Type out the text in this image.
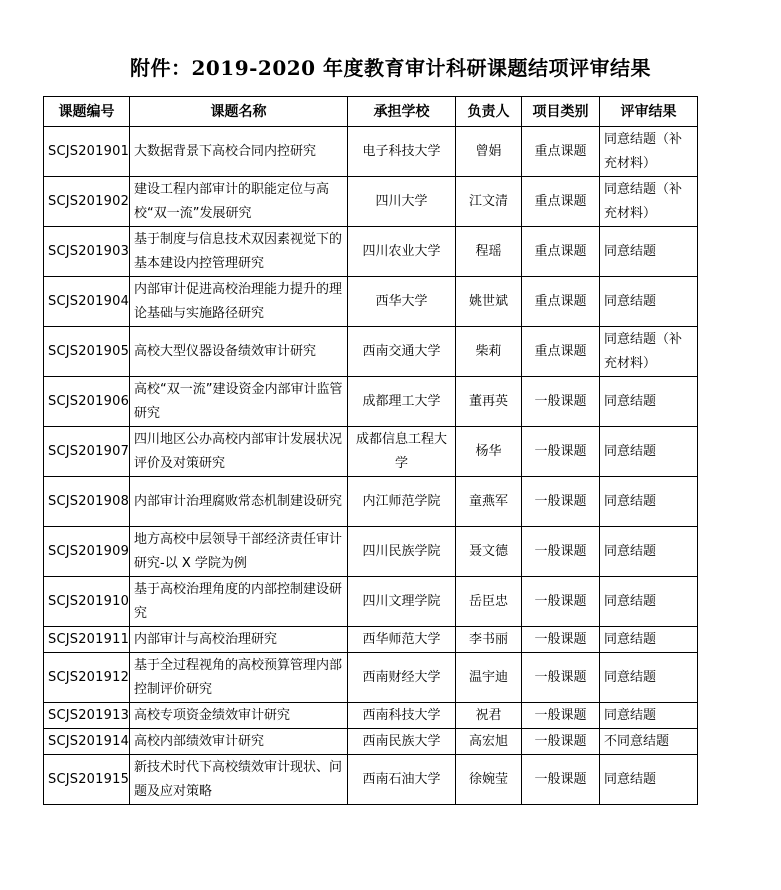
附件：2019-2020 年度教育审计科研课题结项评审结果
课题编号	课题名称	承担学校	负责人	项目类别	评审结果
SCJS201901	大数据背景下高校合同内控研究	电子科技大学	曾娟	重点课题	同意结题（补充材料）
SCJS201902	建设工程内部审计的职能定位与高校“双一流”发展研究	四川大学	江文清	重点课题	同意结题（补充材料）
SCJS201903	基于制度与信息技术双因素视觉下的基本建设内控管理研究	四川农业大学	程瑶	重点课题	同意结题
SCJS201904	内部审计促进高校治理能力提升的理论基础与实施路径研究	西华大学	姚世斌	重点课题	同意结题
SCJS201905	高校大型仪器设备绩效审计研究	西南交通大学	柴莉	重点课题	同意结题（补充材料）
SCJS201906	高校“双一流”建设资金内部审计监管研究	成都理工大学	董再英	一般课题	同意结题
SCJS201907	四川地区公办高校内部审计发展状况评价及对策研究	成都信息工程大学	杨华	一般课题	同意结题
SCJS201908	内部审计治理腐败常态机制建设研究	内江师范学院	童燕军	一般课题	同意结题
SCJS201909	地方高校中层领导干部经济责任审计研究-以 X 学院为例	四川民族学院	聂文德	一般课题	同意结题
SCJS201910	基于高校治理角度的内部控制建设研究	四川文理学院	岳臣忠	一般课题	同意结题
SCJS201911	内部审计与高校治理研究	西华师范大学	李书丽	一般课题	同意结题
SCJS201912	基于全过程视角的高校预算管理内部控制评价研究	西南财经大学	温宇迪	一般课题	同意结题
SCJS201913	高校专项资金绩效审计研究	西南科技大学	祝君	一般课题	同意结题
SCJS201914	高校内部绩效审计研究	西南民族大学	高宏旭	一般课题	不同意结题
SCJS201915	新技术时代下高校绩效审计现状、问题及应对策略	西南石油大学	徐婉莹	一般课题	同意结题
